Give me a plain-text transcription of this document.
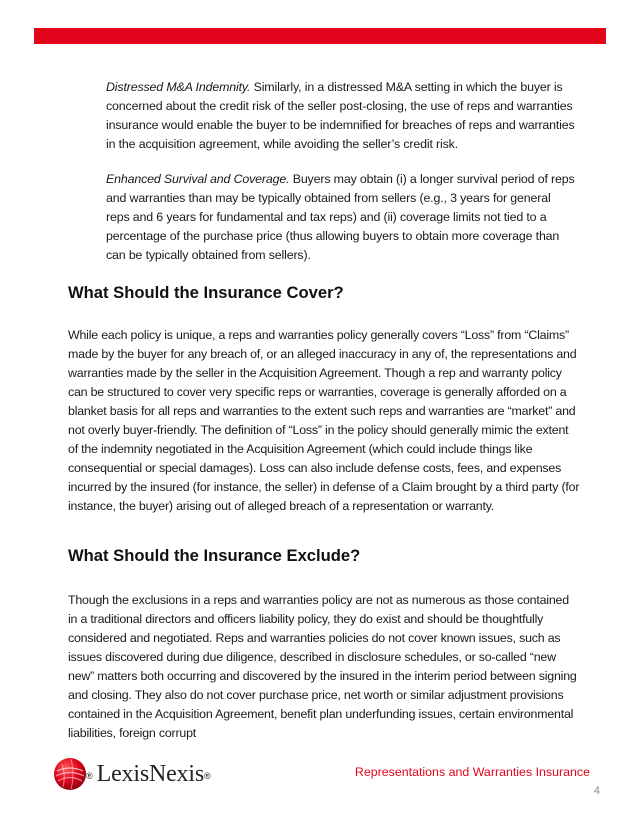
Distressed M&A Indemnity. Similarly, in a distressed M&A setting in which the buyer is concerned about the credit risk of the seller post-closing, the use of reps and warranties insurance would enable the buyer to be indemnified for breaches of reps and warranties in the acquisition agreement, while avoiding the seller’s credit risk.

Enhanced Survival and Coverage. Buyers may obtain (i) a longer survival period of reps and warranties than may be typically obtained from sellers (e.g., 3 years for general reps and 6 years for fundamental and tax reps) and (ii) coverage limits not tied to a percentage of the purchase price (thus allowing buyers to obtain more coverage than can be typically obtained from sellers).

What Should the Insurance Cover?

While each policy is unique, a reps and warranties policy generally covers “Loss” from “Claims” made by the buyer for any breach of, or an alleged inaccuracy in any of, the representations and warranties made by the seller in the Acquisition Agreement. Though a rep and warranty policy can be structured to cover very specific reps or warranties, coverage is generally afforded on a blanket basis for all reps and warranties to the extent such reps and warranties are “market” and not overly buyer-friendly. The definition of “Loss” in the policy should generally mimic the extent of the indemnity negotiated in the Acquisition Agreement (which could include things like consequential or special damages). Loss can also include defense costs, fees, and expenses incurred by the insured (for instance, the seller) in defense of a Claim brought by a third party (for instance, the buyer) arising out of alleged breach of a representation or warranty.

What Should the Insurance Exclude?

Though the exclusions in a reps and warranties policy are not as numerous as those contained in a traditional directors and officers liability policy, they do exist and should be thoughtfully considered and negotiated. Reps and warranties policies do not cover known issues, such as issues discovered during due diligence, described in disclosure schedules, or so-called “new new” matters both occurring and discovered by the insured in the interim period between signing and closing. They also do not cover purchase price, net worth or similar adjustment provisions contained in the Acquisition Agreement, benefit plan underfunding issues, certain environmental liabilities, foreign corrupt

® LexisNexis ®	Representations and Warranties Insurance

4
